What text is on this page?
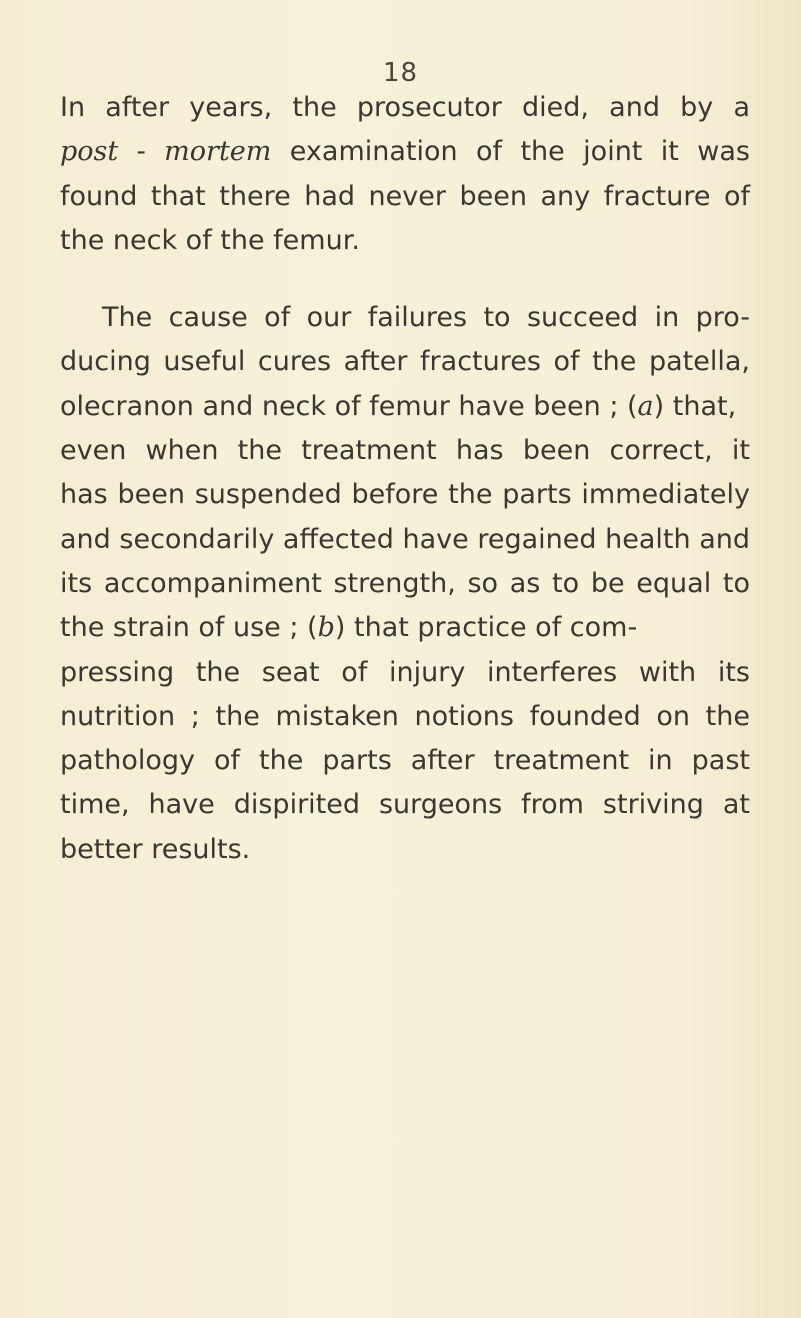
18
In after years, the prosecutor died, and by a
post - mortem examination of the joint it was
found that there had never been any fracture of
the neck of the femur.
The cause of our failures to succeed in pro-
ducing useful cures after fractures of the patella,
olecranon and neck of femur have been ; (a) that,
even when the treatment has been correct, it
has been suspended before the parts immediately
and secondarily affected have regained health and
its accompaniment strength, so as to be equal to
the strain of use ; (b) that practice of com-
pressing the seat of injury interferes with its
nutrition ; the mistaken notions founded on the
pathology of the parts after treatment in past
time, have dispirited surgeons from striving at
better results.
